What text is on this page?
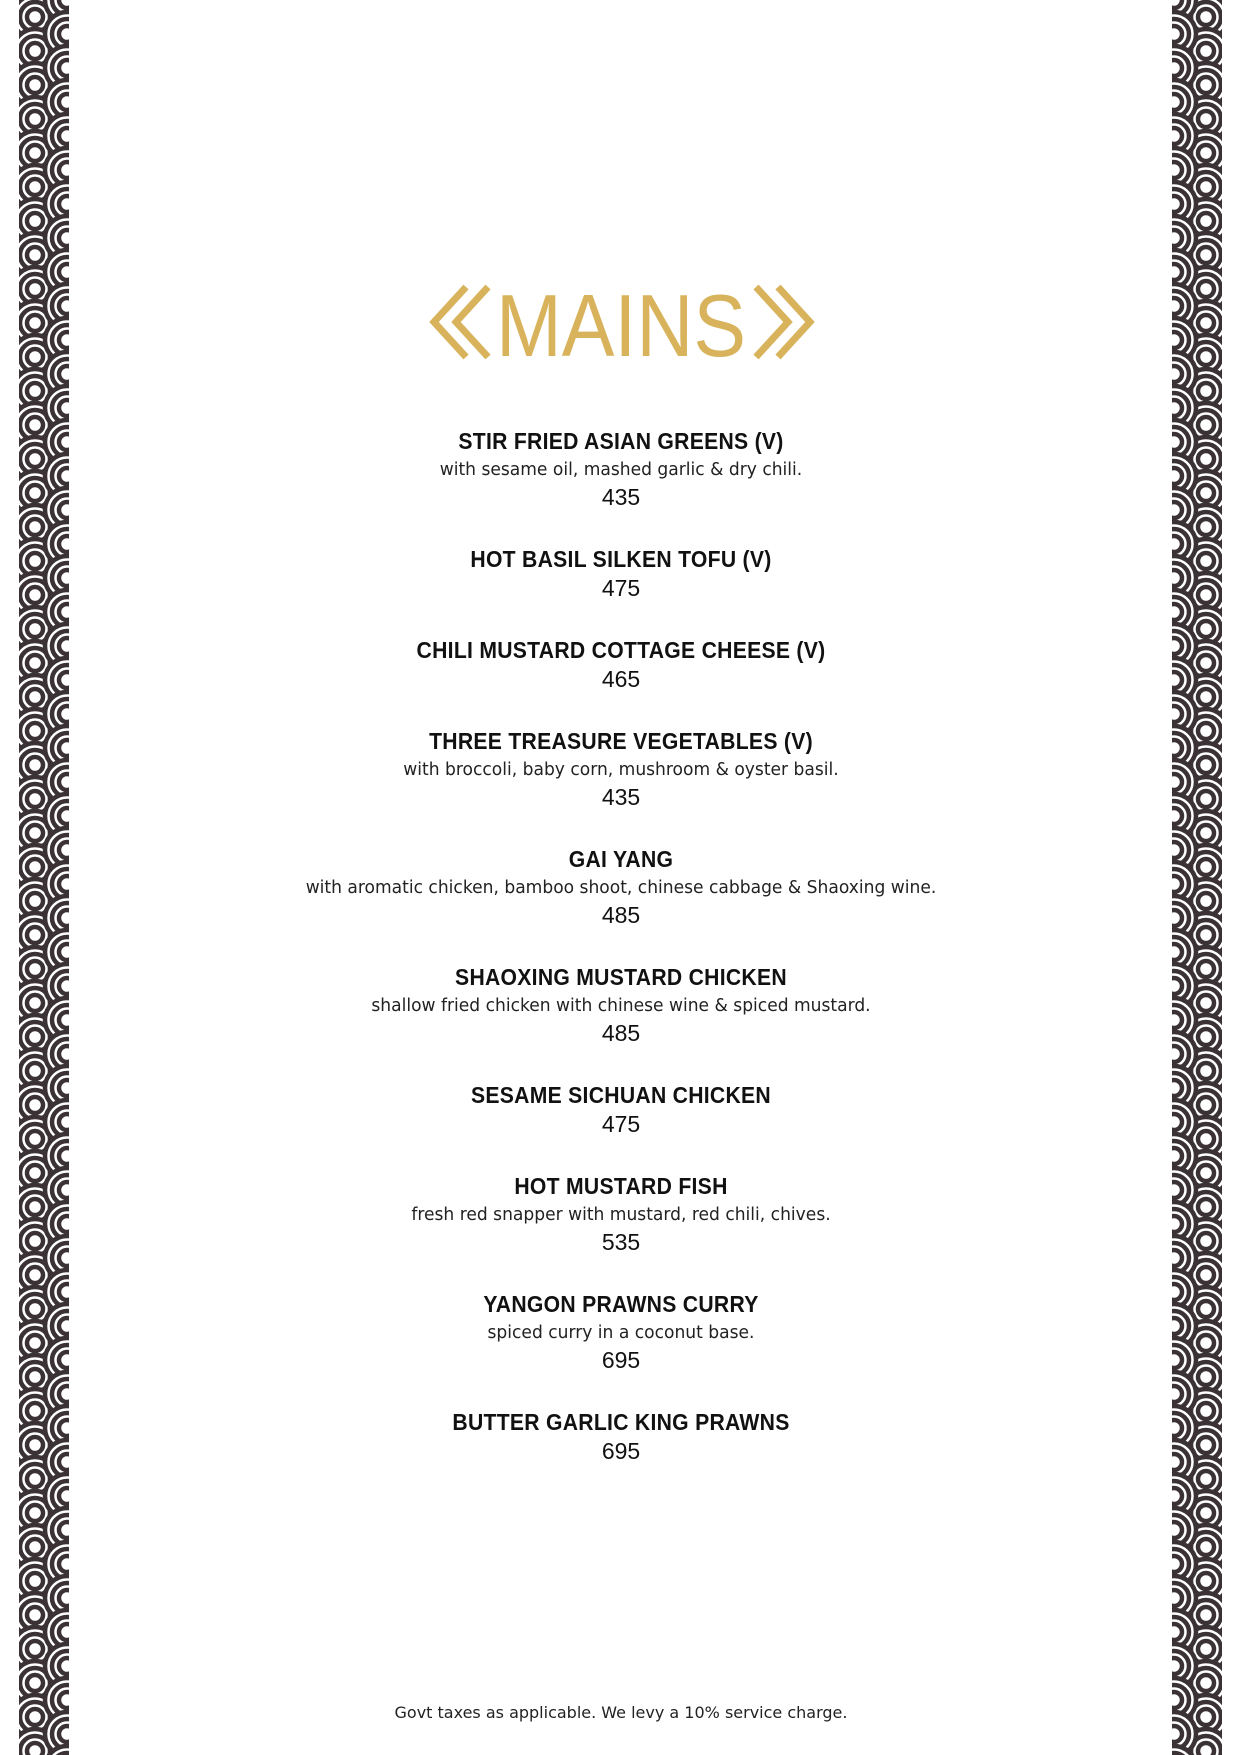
MAINS
STIR FRIED ASIAN GREENS (V)
with sesame oil, mashed garlic & dry chili.
435
HOT BASIL SILKEN TOFU (V)
475
CHILI MUSTARD COTTAGE CHEESE (V)
465
THREE TREASURE VEGETABLES (V)
with broccoli, baby corn, mushroom & oyster basil.
435
GAI YANG
with aromatic chicken, bamboo shoot, chinese cabbage & Shaoxing wine.
485
SHAOXING MUSTARD CHICKEN
shallow fried chicken with chinese wine & spiced mustard.
485
SESAME SICHUAN CHICKEN
475
HOT MUSTARD FISH
fresh red snapper with mustard, red chili, chives.
535
YANGON PRAWNS CURRY
spiced curry in a coconut base.
695
BUTTER GARLIC KING PRAWNS
695
Govt taxes as applicable. We levy a 10% service charge.
